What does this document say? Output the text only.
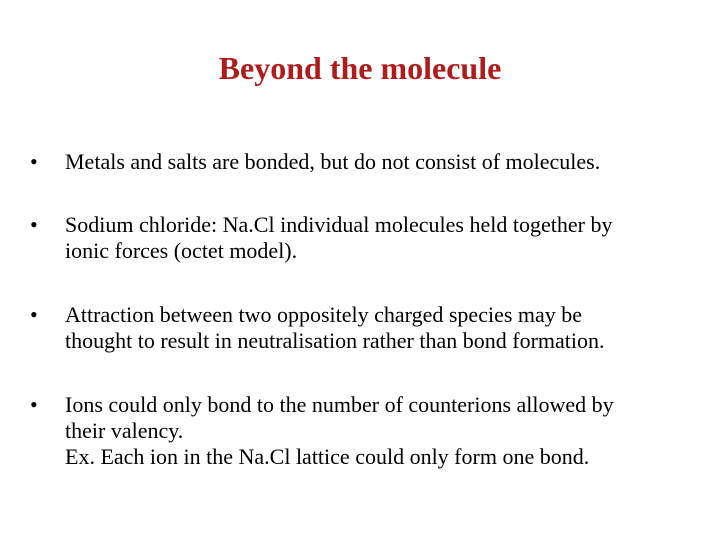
Beyond the molecule
•	Metals and salts are bonded, but do not consist of molecules.
•	Sodium chloride: Na.Cl individual molecules held together by
ionic forces (octet model).
•	Attraction between two oppositely charged species may be
thought to result in neutralisation rather than bond formation.
•	Ions could only bond to the number of counterions allowed by
their valency.
Ex. Each ion in the Na.Cl lattice could only form one bond.
